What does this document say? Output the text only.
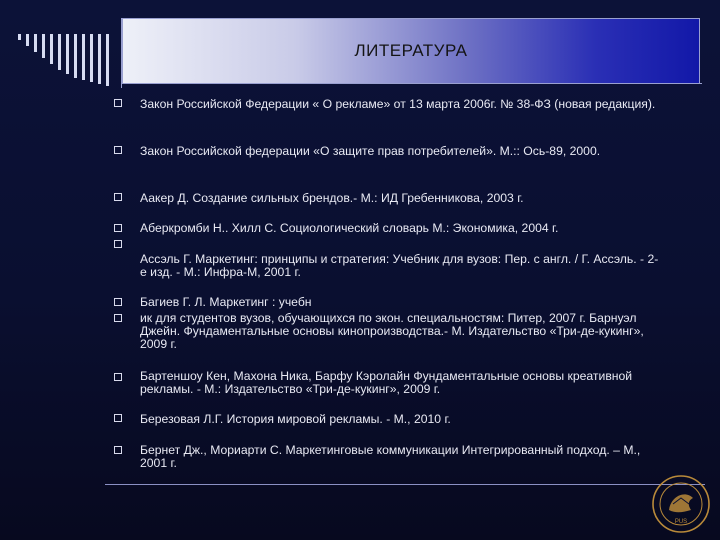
ЛИТЕРАТУРА
Закон Российской Федерации « О рекламе» от 13 марта 2006г. № 38-ФЗ (новая редакция).
Закон Российской федерации «О защите прав потребителей». М.:: Ось-89, 2000.
Аакер Д. Создание сильных брендов.- М.: ИД Гребенникова, 2003 г.
Аберкромби Н.. Хилл С. Социологический словарь М.: Экономика, 2004 г.
Ассэль Г. Маркетинг: принципы и стратегия: Учебник для вузов: Пер. с англ. / Г. Ассэль. - 2-е изд. - М.: Инфра-М, 2001 г.
Багиев Г. Л. Маркетинг : учебн
ик для студентов вузов, обучающихся по экон. специальностям: Питер, 2007 г. Барнуэл Джейн. Фундаментальные основы кинопроизводства.- М. Издательство «Три-де-кукинг», 2009 г.
Бартеншоу Кен, Махона Ника, Барфу Кэролайн Фундаментальные основы креативной рекламы. - М.: Издательство «Три-де-кукинг», 2009 г.
Березовая Л.Г. История мировой рекламы. - М., 2010 г.
Бернет Дж., Мориарти С. Маркетинговые коммуникации Интегрированный подход. – М., 2001 г.
PUS
